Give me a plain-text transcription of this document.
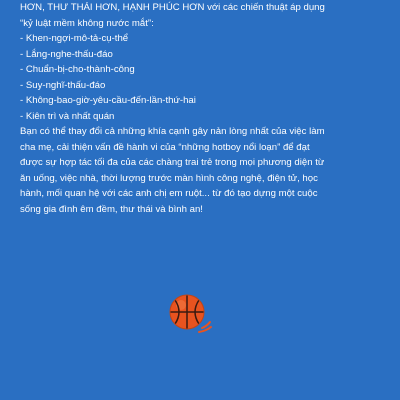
HƠN, THƯ THÁI HƠN, HẠNH PHÚC HƠN với các chiến thuật áp dụng
“kỷ luật mềm không nước mắt”:
- Khen-ngợi-mô-tả-cụ-thể
- Lắng-nghe-thấu-đáo
- Chuẩn-bị-cho-thành-công
- Suy-nghĩ-thấu-đáo
- Không-bao-giờ-yêu-cầu-đến-lần-thứ-hai
- Kiên trì và nhất quán
Bạn có thể thay đổi cả những khía cạnh gây nản lòng nhất của việc làm
cha mẹ, cải thiện vấn đề hành vi của “những hotboy nổi loạn” để đạt
được sự hợp tác tối đa của các chàng trai trẻ trong mọi phương diện từ
ăn uống, việc nhà, thời lượng trước màn hình công nghệ, điện tử, học
hành, mối quan hệ với các anh chị em ruột... từ đó tạo dựng một cuộc
sống gia đình êm đềm, thư thái và bình an!
